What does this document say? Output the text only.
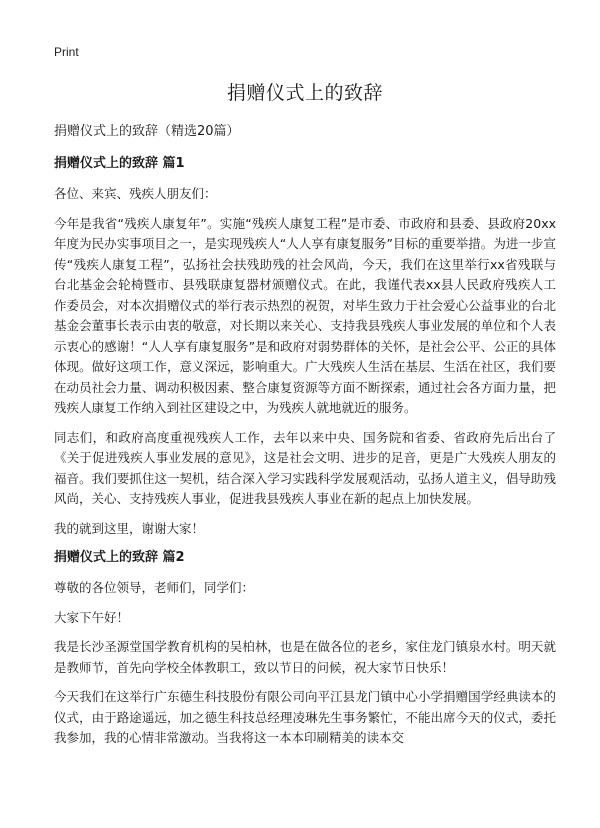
Print
捐赠仪式上的致辞

捐赠仪式上的致辞（精选20篇）

捐赠仪式上的致辞 篇1

各位、来宾、残疾人朋友们：

今年是我省“残疾人康复年”。实施“残疾人康复工程”是市委、市政府和县委、县政府20xx年度为民办实事项目之一，是实现残疾人“人人享有康复服务”目标的重要举措。为进一步宣传“残疾人康复工程”，弘扬社会扶残助残的社会风尚，今天，我们在这里举行xx省残联与台北基金会轮椅暨市、县残联康复器材颁赠仪式。在此，我谨代表xx县人民政府残疾人工作委员会，对本次捐赠仪式的举行表示热烈的祝贺，对毕生致力于社会爱心公益事业的台北基金会董事长表示由衷的敬意，对长期以来关心、支持我县残疾人事业发展的单位和个人表示衷心的感谢！“人人享有康复服务”是和政府对弱势群体的关怀，是社会公平、公正的具体体现。做好这项工作，意义深远，影响重大。广大残疾人生活在基层、生活在社区，我们要在动员社会力量、调动积极因素、整合康复资源等方面不断探索，通过社会各方面力量，把残疾人康复工作纳入到社区建设之中，为残疾人就地就近的服务。

同志们，和政府高度重视残疾人工作，去年以来中央、国务院和省委、省政府先后出台了《关于促进残疾人事业发展的意见》，这是社会文明、进步的足音，更是广大残疾人朋友的福音。我们要抓住这一契机，结合深入学习实践科学发展观活动，弘扬人道主义，倡导助残风尚，关心、支持残疾人事业，促进我县残疾人事业在新的起点上加快发展。

我的就到这里，谢谢大家！

捐赠仪式上的致辞 篇2

尊敬的各位领导，老师们，同学们：

大家下午好！

我是长沙圣源堂国学教育机构的吴柏林，也是在做各位的老乡，家住龙门镇泉水村。明天就是教师节，首先向学校全体教职工，致以节日的问候，祝大家节日快乐！

今天我们在这举行广东德生科技股份有限公司向平江县龙门镇中心小学捐赠国学经典读本的仪式，由于路途遥远，加之德生科技总经理凌琳先生事务繁忙，不能出席今天的仪式，委托我参加，我的心情非常激动。当我将这一本本印刷精美的读本交
